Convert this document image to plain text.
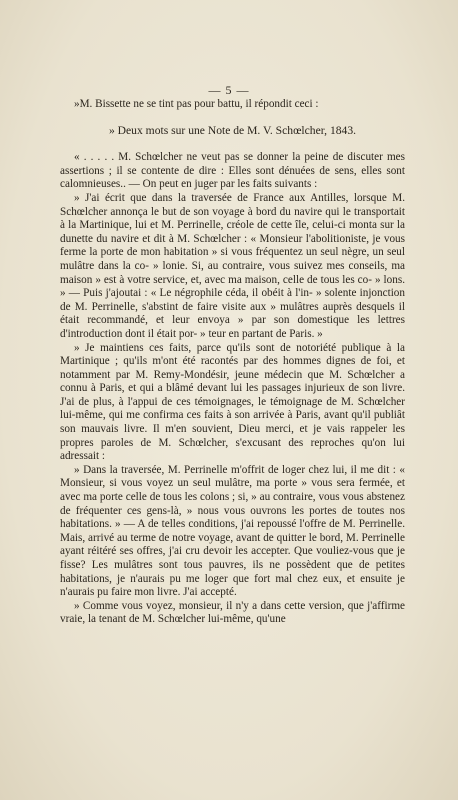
— 5 —

»M. Bissette ne se tint pas pour battu, il répondit ceci :

» Deux mots sur une Note de M. V. Schœlcher, 1843.

« . . . . . M. Schœlcher ne veut pas se donner la peine de discuter mes assertions ; il se contente de dire : Elles sont dénuées de sens, elles sont calomnieuses.. — On peut en juger par les faits suivants :

» J'ai écrit que dans la traversée de France aux Antilles, lorsque M. Schœlcher annonça le but de son voyage à bord du navire qui le transportait à la Martinique, lui et M. Perrinelle, créole de cette île, celui-ci monta sur la dunette du navire et dit à M. Schœlcher : « Monsieur l'abolitioniste, je vous ferme la porte de mon habitation » si vous fréquentez un seul nègre, un seul mulâtre dans la co- » lonie. Si, au contraire, vous suivez mes conseils, ma maison » est à votre service, et, avec ma maison, celle de tous les co- » lons. » — Puis j'ajoutai : « Le négrophile céda, il obéit à l'in- » solente injonction de M. Perrinelle, s'abstint de faire visite aux » mulâtres auprès desquels il était recommandé, et leur envoya » par son domestique les lettres d'introduction dont il était por- » teur en partant de Paris. »

» Je maintiens ces faits, parce qu'ils sont de notoriété publique à la Martinique ; qu'ils m'ont été racontés par des hommes dignes de foi, et notamment par M. Remy-Mondésir, jeune médecin que M. Schœlcher a connu à Paris, et qui a blâmé devant lui les passages injurieux de son livre. J'ai de plus, à l'appui de ces témoignages, le témoignage de M. Schœlcher lui-même, qui me confirma ces faits à son arrivée à Paris, avant qu'il publiât son mauvais livre. Il m'en souvient, Dieu merci, et je vais rappeler les propres paroles de M. Schœlcher, s'excusant des reproches qu'on lui adressait :

» Dans la traversée, M. Perrinelle m'offrit de loger chez lui, il me dit : « Monsieur, si vous voyez un seul mulâtre, ma porte » vous sera fermée, et avec ma porte celle de tous les colons ; si, » au contraire, vous vous abstenez de fréquenter ces gens-là, » nous vous ouvrons les portes de toutes nos habitations. » — A de telles conditions, j'ai repoussé l'offre de M. Perrinelle. Mais, arrivé au terme de notre voyage, avant de quitter le bord, M. Perrinelle ayant réitéré ses offres, j'ai cru devoir les accepter. Que vouliez-vous que je fisse? Les mulâtres sont tous pauvres, ils ne possèdent que de petites habitations, je n'aurais pu me loger que fort mal chez eux, et ensuite je n'aurais pu faire mon livre. J'ai accepté.

» Comme vous voyez, monsieur, il n'y a dans cette version, que j'affirme vraie, la tenant de M. Schœlcher lui-même, qu'une
